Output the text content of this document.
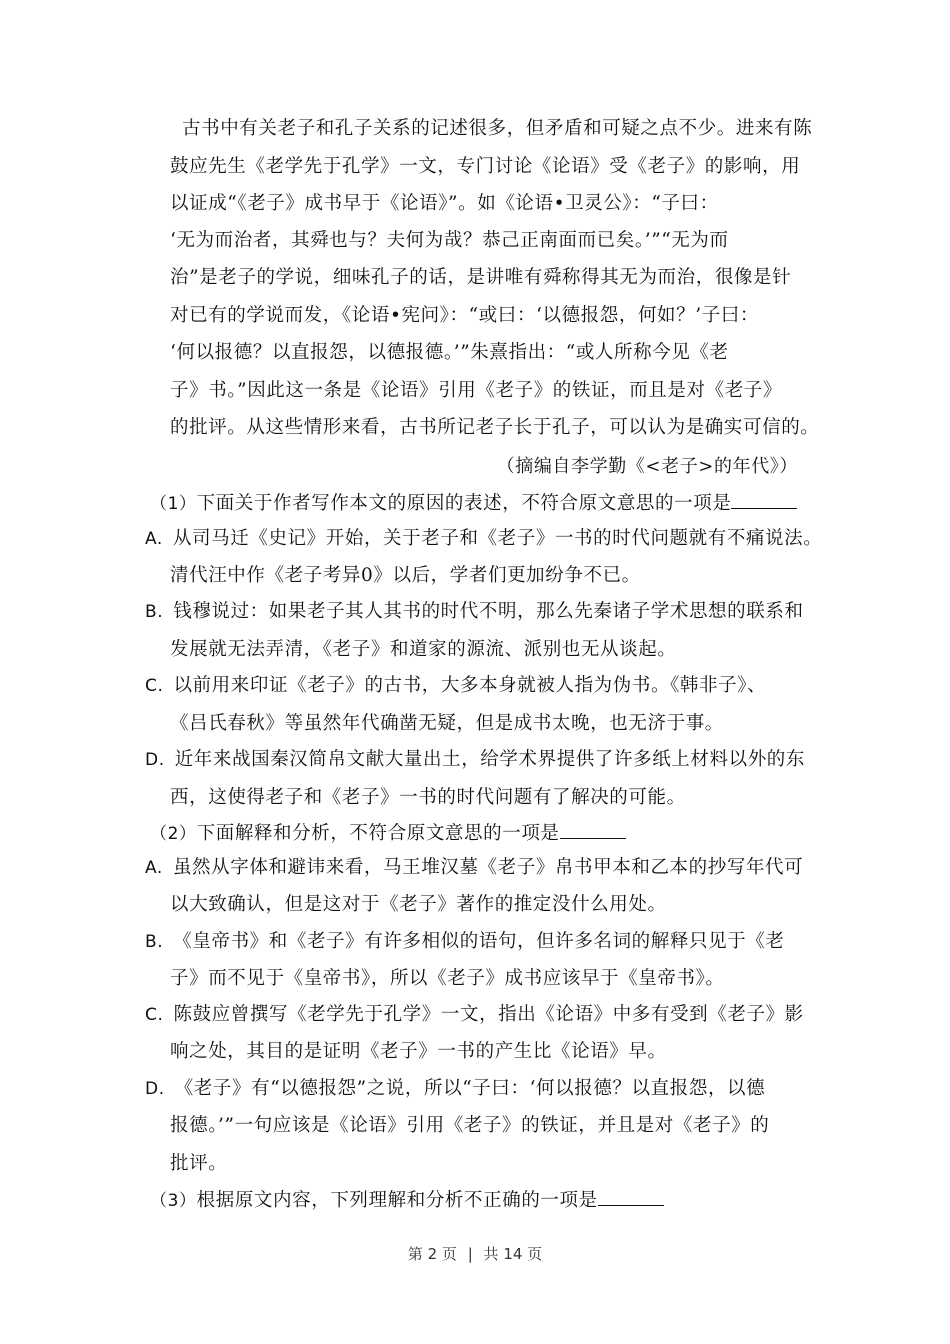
古书中有关老子和孔子关系的记述很多，但矛盾和可疑之点不少。进来有陈
鼓应先生《老学先于孔学》一文，专门讨论《论语》受《老子》的影响，用
以证成“《老子》成书早于《论语》”。如《论语•卫灵公》：“子曰：
‘无为而治者，其舜也与？夫何为哉？恭己正南面而已矣。’”“无为而
治”是老子的学说，细味孔子的话，是讲唯有舜称得其无为而治，很像是针
对已有的学说而发，《论语•宪问》：“或曰：‘以德报怨，何如？’子曰：
‘何以报德？以直报怨，以德报德。’”朱熹指出：“或人所称今见《老
子》书。”因此这一条是《论语》引用《老子》的铁证，而且是对《老子》
的批评。从这些情形来看，古书所记老子长于孔子，可以认为是确实可信的。
（摘编自李学勤《<老子>的年代》）
（1）下面关于作者写作本文的原因的表述，不符合原文意思的一项是
A. 从司马迁《史记》开始，关于老子和《老子》一书的时代问题就有不痛说法。
清代汪中作《老子考异0》以后，学者们更加纷争不已。
B. 钱穆说过：如果老子其人其书的时代不明，那么先秦诸子学术思想的联系和
发展就无法弄清，《老子》和道家的源流、派别也无从谈起。
C. 以前用来印证《老子》的古书，大多本身就被人指为伪书。《韩非子》、
《吕氏春秋》等虽然年代确凿无疑，但是成书太晚，也无济于事。
D. 近年来战国秦汉简帛文献大量出土，给学术界提供了许多纸上材料以外的东
西，这使得老子和《老子》一书的时代问题有了解决的可能。
（2）下面解释和分析，不符合原文意思的一项是
A. 虽然从字体和避讳来看，马王堆汉墓《老子》帛书甲本和乙本的抄写年代可
以大致确认，但是这对于《老子》著作的推定没什么用处。
B. 《皇帝书》和《老子》有许多相似的语句，但许多名词的解释只见于《老
子》而不见于《皇帝书》，所以《老子》成书应该早于《皇帝书》。
C. 陈鼓应曾撰写《老学先于孔学》一文，指出《论语》中多有受到《老子》影
响之处，其目的是证明《老子》一书的产生比《论语》早。
D. 《老子》有“以德报怨”之说，所以“子曰：‘何以报德？以直报怨，以德
报德。’”一句应该是《论语》引用《老子》的铁证，并且是对《老子》的
批评。
（3）根据原文内容，下列理解和分析不正确的一项是
第 2 页 | 共 14 页
